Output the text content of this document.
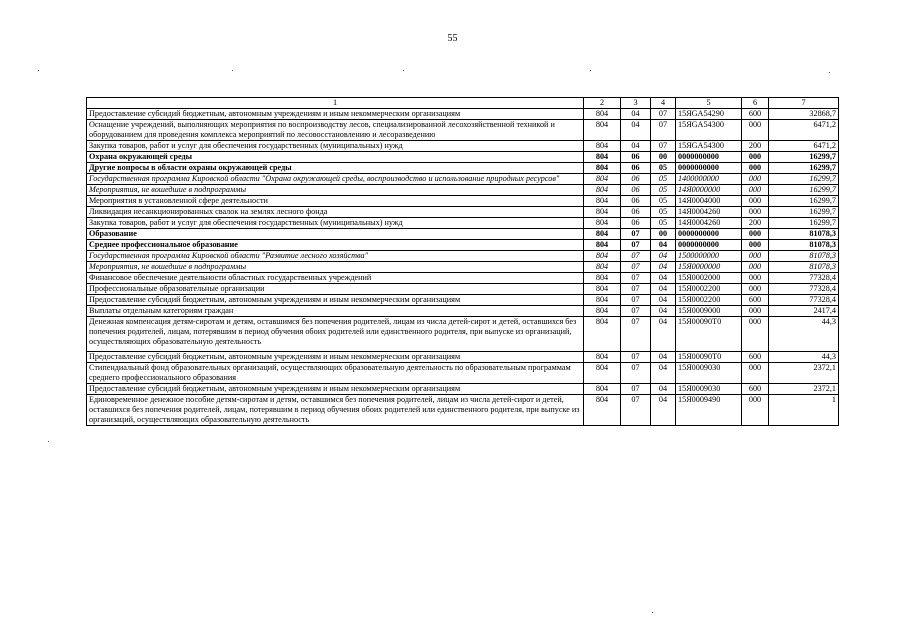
55
1	2	3	4	5	6	7
Предоставление субсидий бюджетным, автономным учреждениям и иным некоммерческим организациям	804	04	07	15ЯGA54290	600	32868,7
Оснащение учреждений, выполняющих мероприятия по воспроизводству лесов, специализированной лесохозяйственной техникой и оборудованием для проведения комплекса мероприятий по лесовосстановлению и лесоразведению	804	04	07	15ЯGA54300	000	6471,2
Закупка товаров, работ и услуг для обеспечения государственных (муниципальных) нужд	804	04	07	15ЯGA54300	200	6471,2
Охрана окружающей среды	804	06	00	0000000000	000	16299,7
Другие вопросы в области охраны окружающей среды	804	06	05	0000000000	000	16299,7
Государственная программа Кировской области "Охрана окружающей среды, воспроизводство и использование природных ресурсов"	804	06	05	1400000000	000	16299,7
Мероприятия, не вошедшие в подпрограммы	804	06	05	14Я0000000	000	16299,7
Мероприятия в установленной сфере деятельности	804	06	05	14Я0004000	000	16299,7
Ликвидация несанкционированных свалок на землях лесного фонда	804	06	05	14Я0004260	000	16299,7
Закупка товаров, работ и услуг для обеспечения государственных (муниципальных) нужд	804	06	05	14Я0004260	200	16299,7
Образование	804	07	00	0000000000	000	81078,3
Среднее профессиональное образование	804	07	04	0000000000	000	81078,3
Государственная программа Кировской области "Развитие лесного хозяйства"	804	07	04	1500000000	000	81078,3
Мероприятия, не вошедшие в подпрограммы	804	07	04	15Я0000000	000	81078,3
Финансовое обеспечение деятельности областных государственных учреждений	804	07	04	15Я0002000	000	77328,4
Профессиональные образовательные организации	804	07	04	15Я0002200	000	77328,4
Предоставление субсидий бюджетным, автономным учреждениям и иным некоммерческим организациям	804	07	04	15Я0002200	600	77328,4
Выплаты отдельным категориям граждан	804	07	04	15Я0009000	000	2417,4
Денежная компенсация детям-сиротам и детям, оставшимся без попечения родителей, лицам из числа детей-сирот и детей, оставшихся без попечения родителей, лицам, потерявшим в период обучения обоих родителей или единственного родителя, при выпуске из организаций, осуществляющих образовательную деятельность	804	07	04	15Я00090Т0	000	44,3
Предоставление субсидий бюджетным, автономным учреждениям и иным некоммерческим организациям	804	07	04	15Я00090Т0	600	44,3
Стипендиальный фонд образовательных организаций, осуществляющих образовательную деятельность по образовательным программам среднего профессионального образования	804	07	04	15Я0009030	000	2372,1
Предоставление субсидий бюджетным, автономным учреждениям и иным некоммерческим организациям	804	07	04	15Я0009030	600	2372,1
Единовременное денежное пособие детям-сиротам и детям, оставшимся без попечения родителей, лицам из числа детей-сирот и детей, оставшихся без попечения родителей, лицам, потерявшим в период обучения обоих родителей или единственного родителя, при выпуске из организаций, осуществляющих образовательную деятельность	804	07	04	15Я0009490	000	1
